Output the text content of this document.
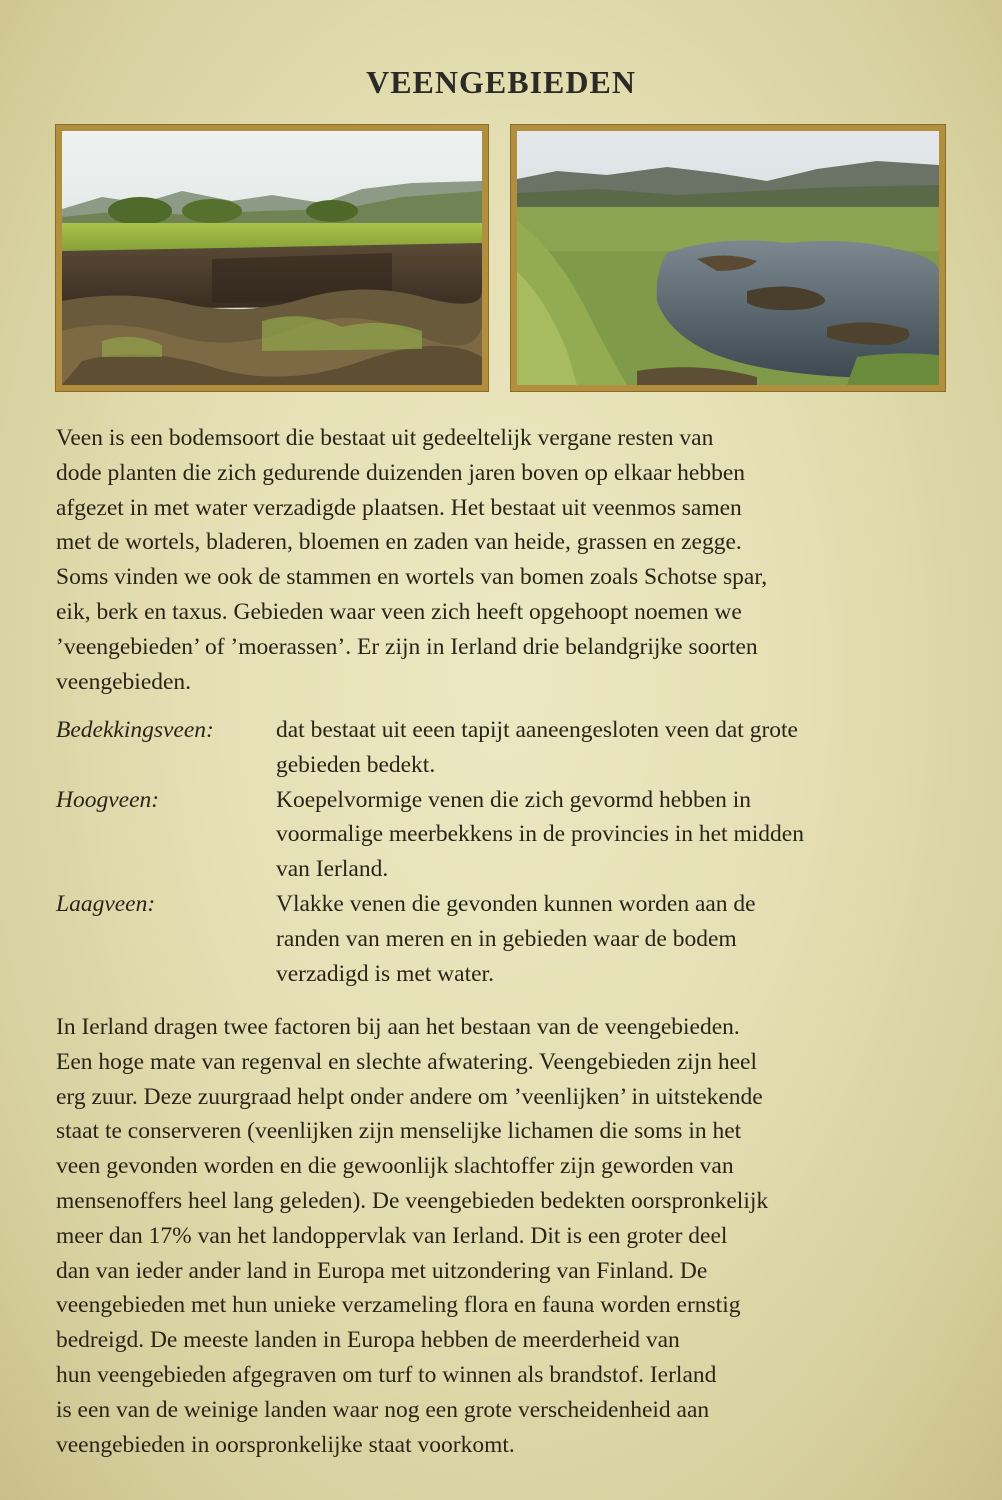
VEENGEBIEDEN
Veen is een bodemsoort die bestaat uit gedeeltelijk vergane resten van
dode planten die zich gedurende duizenden jaren boven op elkaar hebben
afgezet in met water verzadigde plaatsen. Het bestaat uit veenmos samen
met de wortels, bladeren, bloemen en zaden van heide, grassen en zegge.
Soms vinden we ook de stammen en wortels van bomen zoals Schotse spar,
eik, berk en taxus. Gebieden waar veen zich heeft opgehoopt noemen we
’veengebieden’ of ’moerassen’. Er zijn in Ierland drie belandgrijke soorten
veengebieden.
Bedekkingsveen:	dat bestaat uit eeen tapijt aaneengesloten veen dat grote
gebieden bedekt.
Hoogveen:	Koepelvormige venen die zich gevormd hebben in
voormalige meerbekkens in de provincies in het midden
van Ierland.
Laagveen:	Vlakke venen die gevonden kunnen worden aan de
randen van meren en in gebieden waar de bodem
verzadigd is met water.
In Ierland dragen twee factoren bij aan het bestaan van de veengebieden.
Een hoge mate van regenval en slechte afwatering. Veengebieden zijn heel
erg zuur. Deze zuurgraad helpt onder andere om ’veenlijken’ in uitstekende
staat te conserveren (veenlijken zijn menselijke lichamen die soms in het
veen gevonden worden en die gewoonlijk slachtoffer zijn geworden van
mensenoffers heel lang geleden). De veengebieden bedekten oorspronkelijk
meer dan 17% van het landoppervlak van Ierland. Dit is een groter deel
dan van ieder ander land in Europa met uitzondering van Finland. De
veengebieden met hun unieke verzameling flora en fauna worden ernstig
bedreigd. De meeste landen in Europa hebben de meerderheid van
hun veengebieden afgegraven om turf to winnen als brandstof. Ierland
is een van de weinige landen waar nog een grote verscheidenheid aan
veengebieden in oorspronkelijke staat voorkomt.
